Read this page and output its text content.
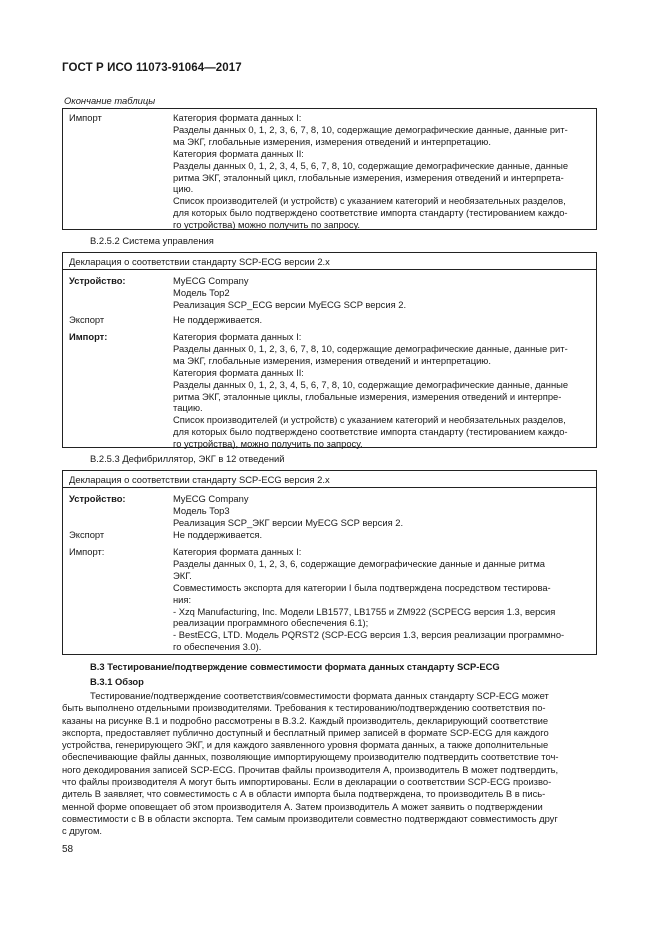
ГОСТ Р ИСО 11073-91064—2017
Окончание таблицы
Импорт	Категория формата данных I:
Разделы данных 0, 1, 2, 3, 6, 7, 8, 10, содержащие демографические данные, данные рит-
ма ЭКГ, глобальные измерения, измерения отведений и интерпретацию.
Категория формата данных II:
Разделы данных 0, 1, 2, 3, 4, 5, 6, 7, 8, 10, содержащие демографические данные, данные
ритма ЭКГ, эталонный цикл, глобальные измерения, измерения отведений и интерпрета-
цию.
Список производителей (и устройств) с указанием категорий и необязательных разделов,
для которых было подтверждено соответствие импорта стандарту (тестированием каждо-
го устройства) можно получить по запросу.
В.2.5.2 Система управления
Декларация о соответствии стандарту SCP-ECG версии 2.x
Устройство:	MyECG Company
Модель Top2
Реализация SCP_ECG версии MyECG SCP версия 2.
Экспорт	Не поддерживается.
Импорт:	Категория формата данных I:
Разделы данных 0, 1, 2, 3, 6, 7, 8, 10, содержащие демографические данные, данные рит-
ма ЭКГ, глобальные измерения, измерения отведений и интерпретацию.
Категория формата данных II:
Разделы данных 0, 1, 2, 3, 4, 5, 6, 7, 8, 10, содержащие демографические данные, данные
ритма ЭКГ, эталонные циклы, глобальные измерения, измерения отведений и интерпре-
тацию.
Список производителей (и устройств) с указанием категорий и необязательных разделов,
для которых было подтверждено соответствие импорта стандарту (тестированием каждо-
го устройства), можно получить по запросу.
В.2.5.3 Дефибриллятор, ЭКГ в 12 отведений
Декларация о соответствии стандарту SCP-ECG версия 2.x
Устройство:	MyECG Company
Модель Top3
Реализация SCP_ЭКГ версии MyECG SCP версия 2.
Экспорт	Не поддерживается.
Импорт:	Категория формата данных I:
Разделы данных 0, 1, 2, 3, 6, содержащие демографические данные и данные ритма
ЭКГ.
Совместимость экспорта для категории I была подтверждена посредством тестирова-
ния:
- Xzq Manufacturing, Inc. Модели LB1577, LB1755 и ZM922 (SCPECG версия 1.3, версия
реализации программного обеспечения 6.1);
- BestECG, LTD. Модель PQRST2 (SCP-ECG версия 1.3, версия реализации программно-
го обеспечения 3.0).
В.3 Тестирование/подтверждение совместимости формата данных стандарту SCP-ECG
В.3.1 Обзор
Тестирование/подтверждение соответствия/совместимости формата данных стандарту SCP-ECG может
быть выполнено отдельными производителями. Требования к тестированию/подтверждению соответствия по-
казаны на рисунке В.1 и подробно рассмотрены в В.3.2. Каждый производитель, декларирующий соответствие
экспорта, предоставляет публично доступный и бесплатный пример записей в формате SCP-ECG для каждого
устройства, генерирующего ЭКГ, и для каждого заявленного уровня формата данных, а также дополнительные
обеспечивающие файлы данных, позволяющие импортирующему производителю подтвердить соответствие точ-
ного декодирования записей SCP-ECG. Прочитав файлы производителя А, производитель В может подтвердить,
что файлы производителя А могут быть импортированы. Если в декларации о соответствии SCP-ECG произво-
дитель В заявляет, что совместимость с А в области импорта была подтверждена, то производитель В в пись-
менной форме оповещает об этом производителя А. Затем производитель А может заявить о подтверждении
совместимости с В в области экспорта. Тем самым производители совместно подтверждают совместимость друг
с другом.
58
